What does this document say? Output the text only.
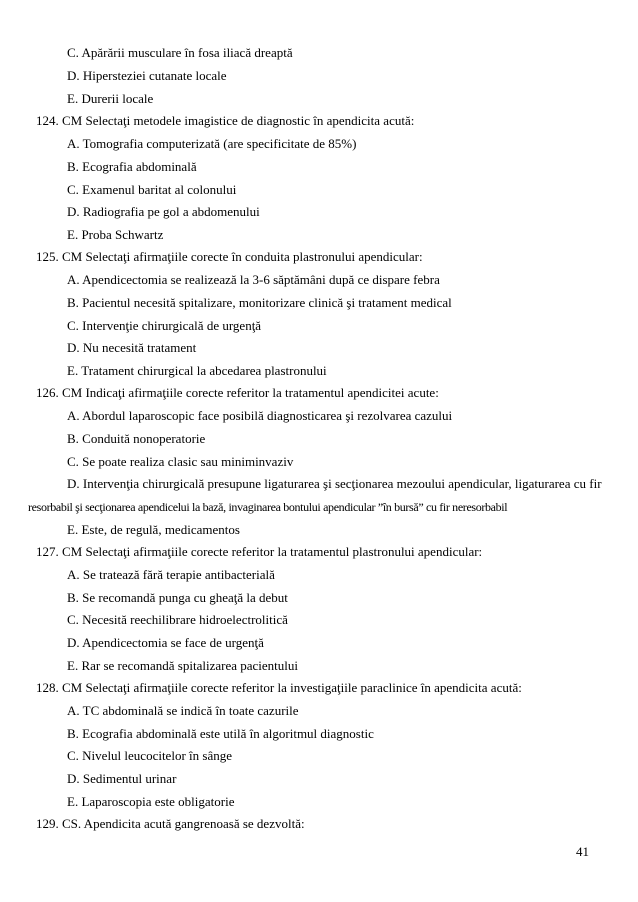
C. Apărării musculare în fosa iliacă dreaptă
D. Hipersteziei cutanate locale
E. Durerii locale
124. CM Selectaţi metodele imagistice de diagnostic în apendicita acută:
A. Tomografia computerizată (are specificitate de 85%)
B. Ecografia abdominală
C. Examenul baritat al colonului
D. Radiografia pe gol a abdomenului
E. Proba Schwartz
125. CM Selectaţi afirmaţiile corecte în conduita plastronului apendicular:
A. Apendicectomia se realizează la 3-6 săptămâni după ce dispare febra
B. Pacientul necesită spitalizare, monitorizare clinică şi tratament medical
C. Intervenţie chirurgicală de urgenţă
D. Nu necesită tratament
E. Tratament chirurgical la abcedarea plastronului
126. CM Indicaţi afirmaţiile corecte referitor la tratamentul apendicitei acute:
A. Abordul laparoscopic face posibilă diagnosticarea şi rezolvarea cazului
B. Conduită nonoperatorie
C. Se poate realiza clasic sau miniminvaziv
D. Intervenţia chirurgicală presupune ligaturarea şi secţionarea mezoului apendicular, ligaturarea cu fir
resorbabil şi secţionarea apendicelui la bază, invaginarea bontului apendicular ”în bursă” cu fir neresorbabil
E. Este, de regulă, medicamentos
127. CM Selectaţi afirmaţiile corecte referitor la tratamentul plastronului apendicular:
A. Se tratează fără terapie antibacterială
B. Se recomandă punga cu gheaţă la debut
C. Necesită reechilibrare hidroelectrolitică
D. Apendicectomia se face de urgenţă
E. Rar se recomandă spitalizarea pacientului
128. CM Selectaţi afirmaţiile corecte referitor la investigaţiile paraclinice în apendicita acută:
A. TC abdominală se indică în toate cazurile
B. Ecografia abdominală este utilă în algoritmul diagnostic
C. Nivelul leucocitelor în sânge
D. Sedimentul urinar
E. Laparoscopia este obligatorie
129. CS. Apendicita acută gangrenoasă se dezvoltă:
41
